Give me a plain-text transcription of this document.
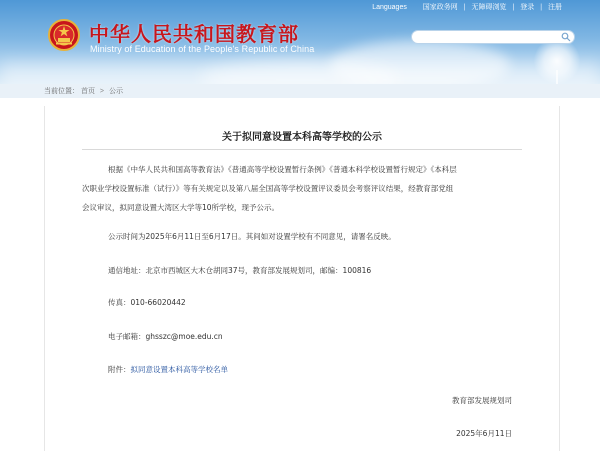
中华人民共和国教育部
Ministry of Education of the People's Republic of China
Languages 国家政务网 | 无障碍浏览 | 登录 | 注册
当前位置： 首页 > 公示
关于拟同意设置本科高等学校的公示
根据《中华人民共和国高等教育法》《普通高等学校设置暂行条例》《普通本科学校设置暂行规定》《本科层
次职业学校设置标准（试行）》等有关规定以及第八届全国高等学校设置评议委员会考察评议结果，经教育部党组
会议审议，拟同意设置大湾区大学等10所学校，现予公示。
公示时间为2025年6月11日至6月17日。其间如对设置学校有不同意见，请署名反映。
通信地址：北京市西城区大木仓胡同37号，教育部发展规划司，邮编：100816
传真：010-66020442
电子邮箱：ghsszc@moe.edu.cn
附件：拟同意设置本科高等学校名单
教育部发展规划司
2025年6月11日
